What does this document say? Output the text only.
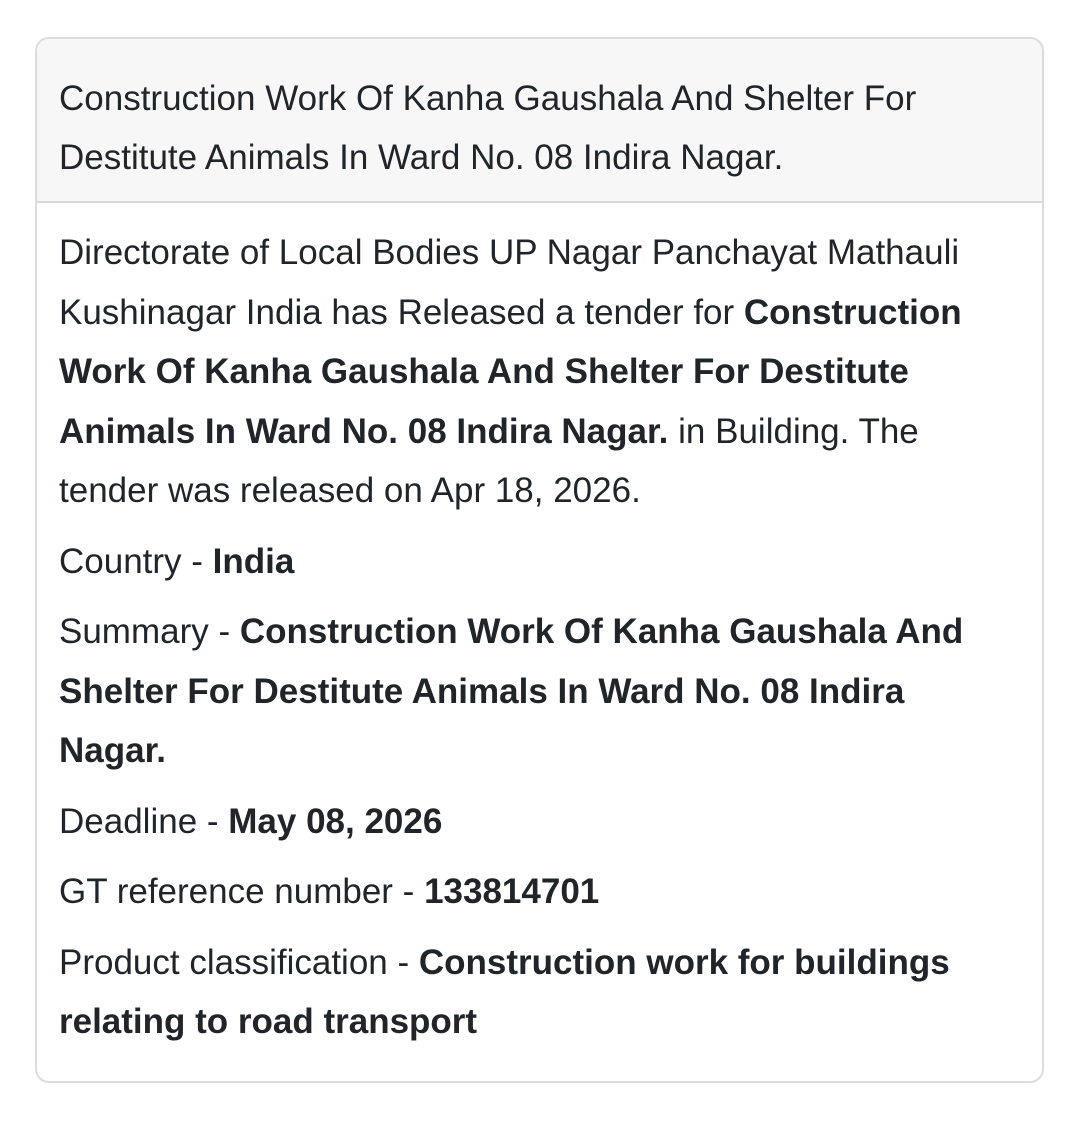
Construction Work Of Kanha Gaushala And Shelter For Destitute Animals In Ward No. 08 Indira Nagar.

Directorate of Local Bodies UP Nagar Panchayat Mathauli Kushinagar India has Released a tender for Construction Work Of Kanha Gaushala And Shelter For Destitute Animals In Ward No. 08 Indira Nagar. in Building. The tender was released on Apr 18, 2026.

Country - India
Summary - Construction Work Of Kanha Gaushala And Shelter For Destitute Animals In Ward No. 08 Indira Nagar.
Deadline - May 08, 2026
GT reference number - 133814701
Product classification - Construction work for buildings relating to road transport
